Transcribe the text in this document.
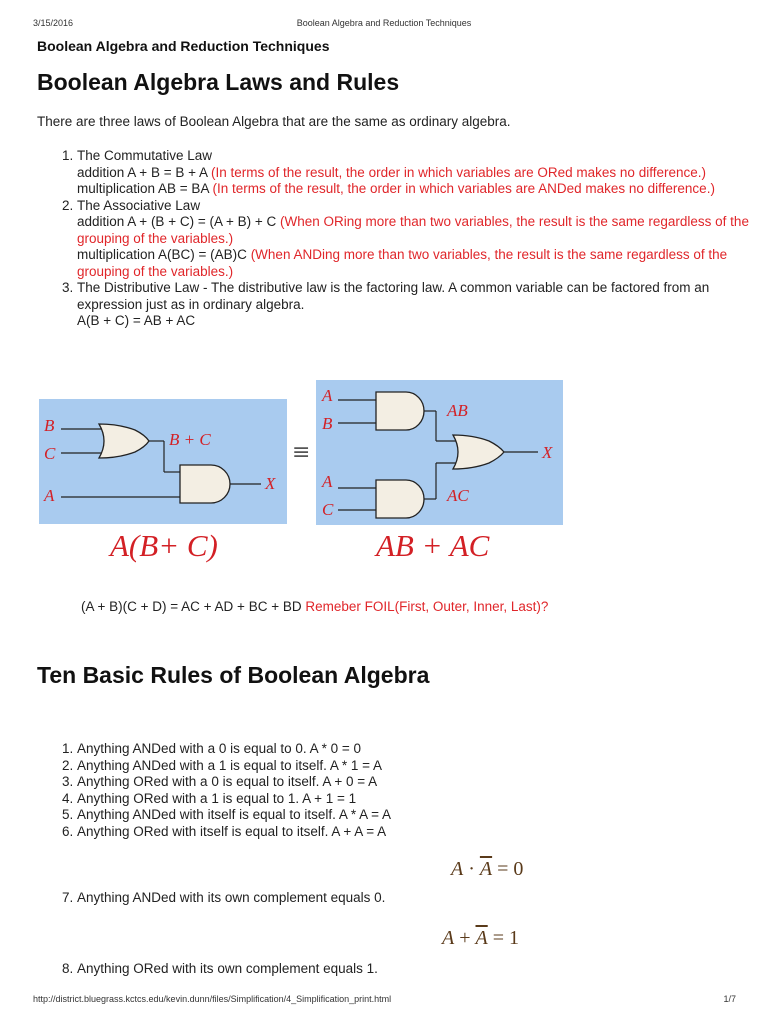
3/15/2016	Boolean Algebra and Reduction Techniques
Boolean Algebra and Reduction Techniques
Boolean Algebra Laws and Rules
There are three laws of Boolean Algebra that are the same as ordinary algebra.
1. The Commutative Law
addition A + B = B + A (In terms of the result, the order in which variables are ORed makes no difference.)
multiplication AB = BA (In terms of the result, the order in which variables are ANDed makes no difference.)
2. The Associative Law
addition A + (B + C) = (A + B) + C (When ORing more than two variables, the result is the same regardless of the grouping of the variables.)
multiplication A(BC) = (AB)C (When ANDing more than two variables, the result is the same regardless of the grouping of the variables.)
3. The Distributive Law - The distributive law is the factoring law. A common variable can be factored from an expression just as in ordinary algebra.
A(B + C) = AB + AC
B
C
A
B + C
X
≡
A
B
AB
X
A
C
AC
A(B+ C)	AB + AC
(A + B)(C + D) = AC + AD + BC + BD Remeber FOIL(First, Outer, Inner, Last)?
Ten Basic Rules of Boolean Algebra
1. Anything ANDed with a 0 is equal to 0. A * 0 = 0
2. Anything ANDed with a 1 is equal to itself. A * 1 = A
3. Anything ORed with a 0 is equal to itself. A + 0 = A
4. Anything ORed with a 1 is equal to 1. A + 1 = 1
5. Anything ANDed with itself is equal to itself. A * A = A
6. Anything ORed with itself is equal to itself. A + A = A
$A \cdot \overline{A} = 0$
7. Anything ANDed with its own complement equals 0.
$A + \overline{A} = 1$
8. Anything ORed with its own complement equals 1.
http://district.bluegrass.kctcs.edu/kevin.dunn/files/Simplification/4_Simplification_print.html	1/7
